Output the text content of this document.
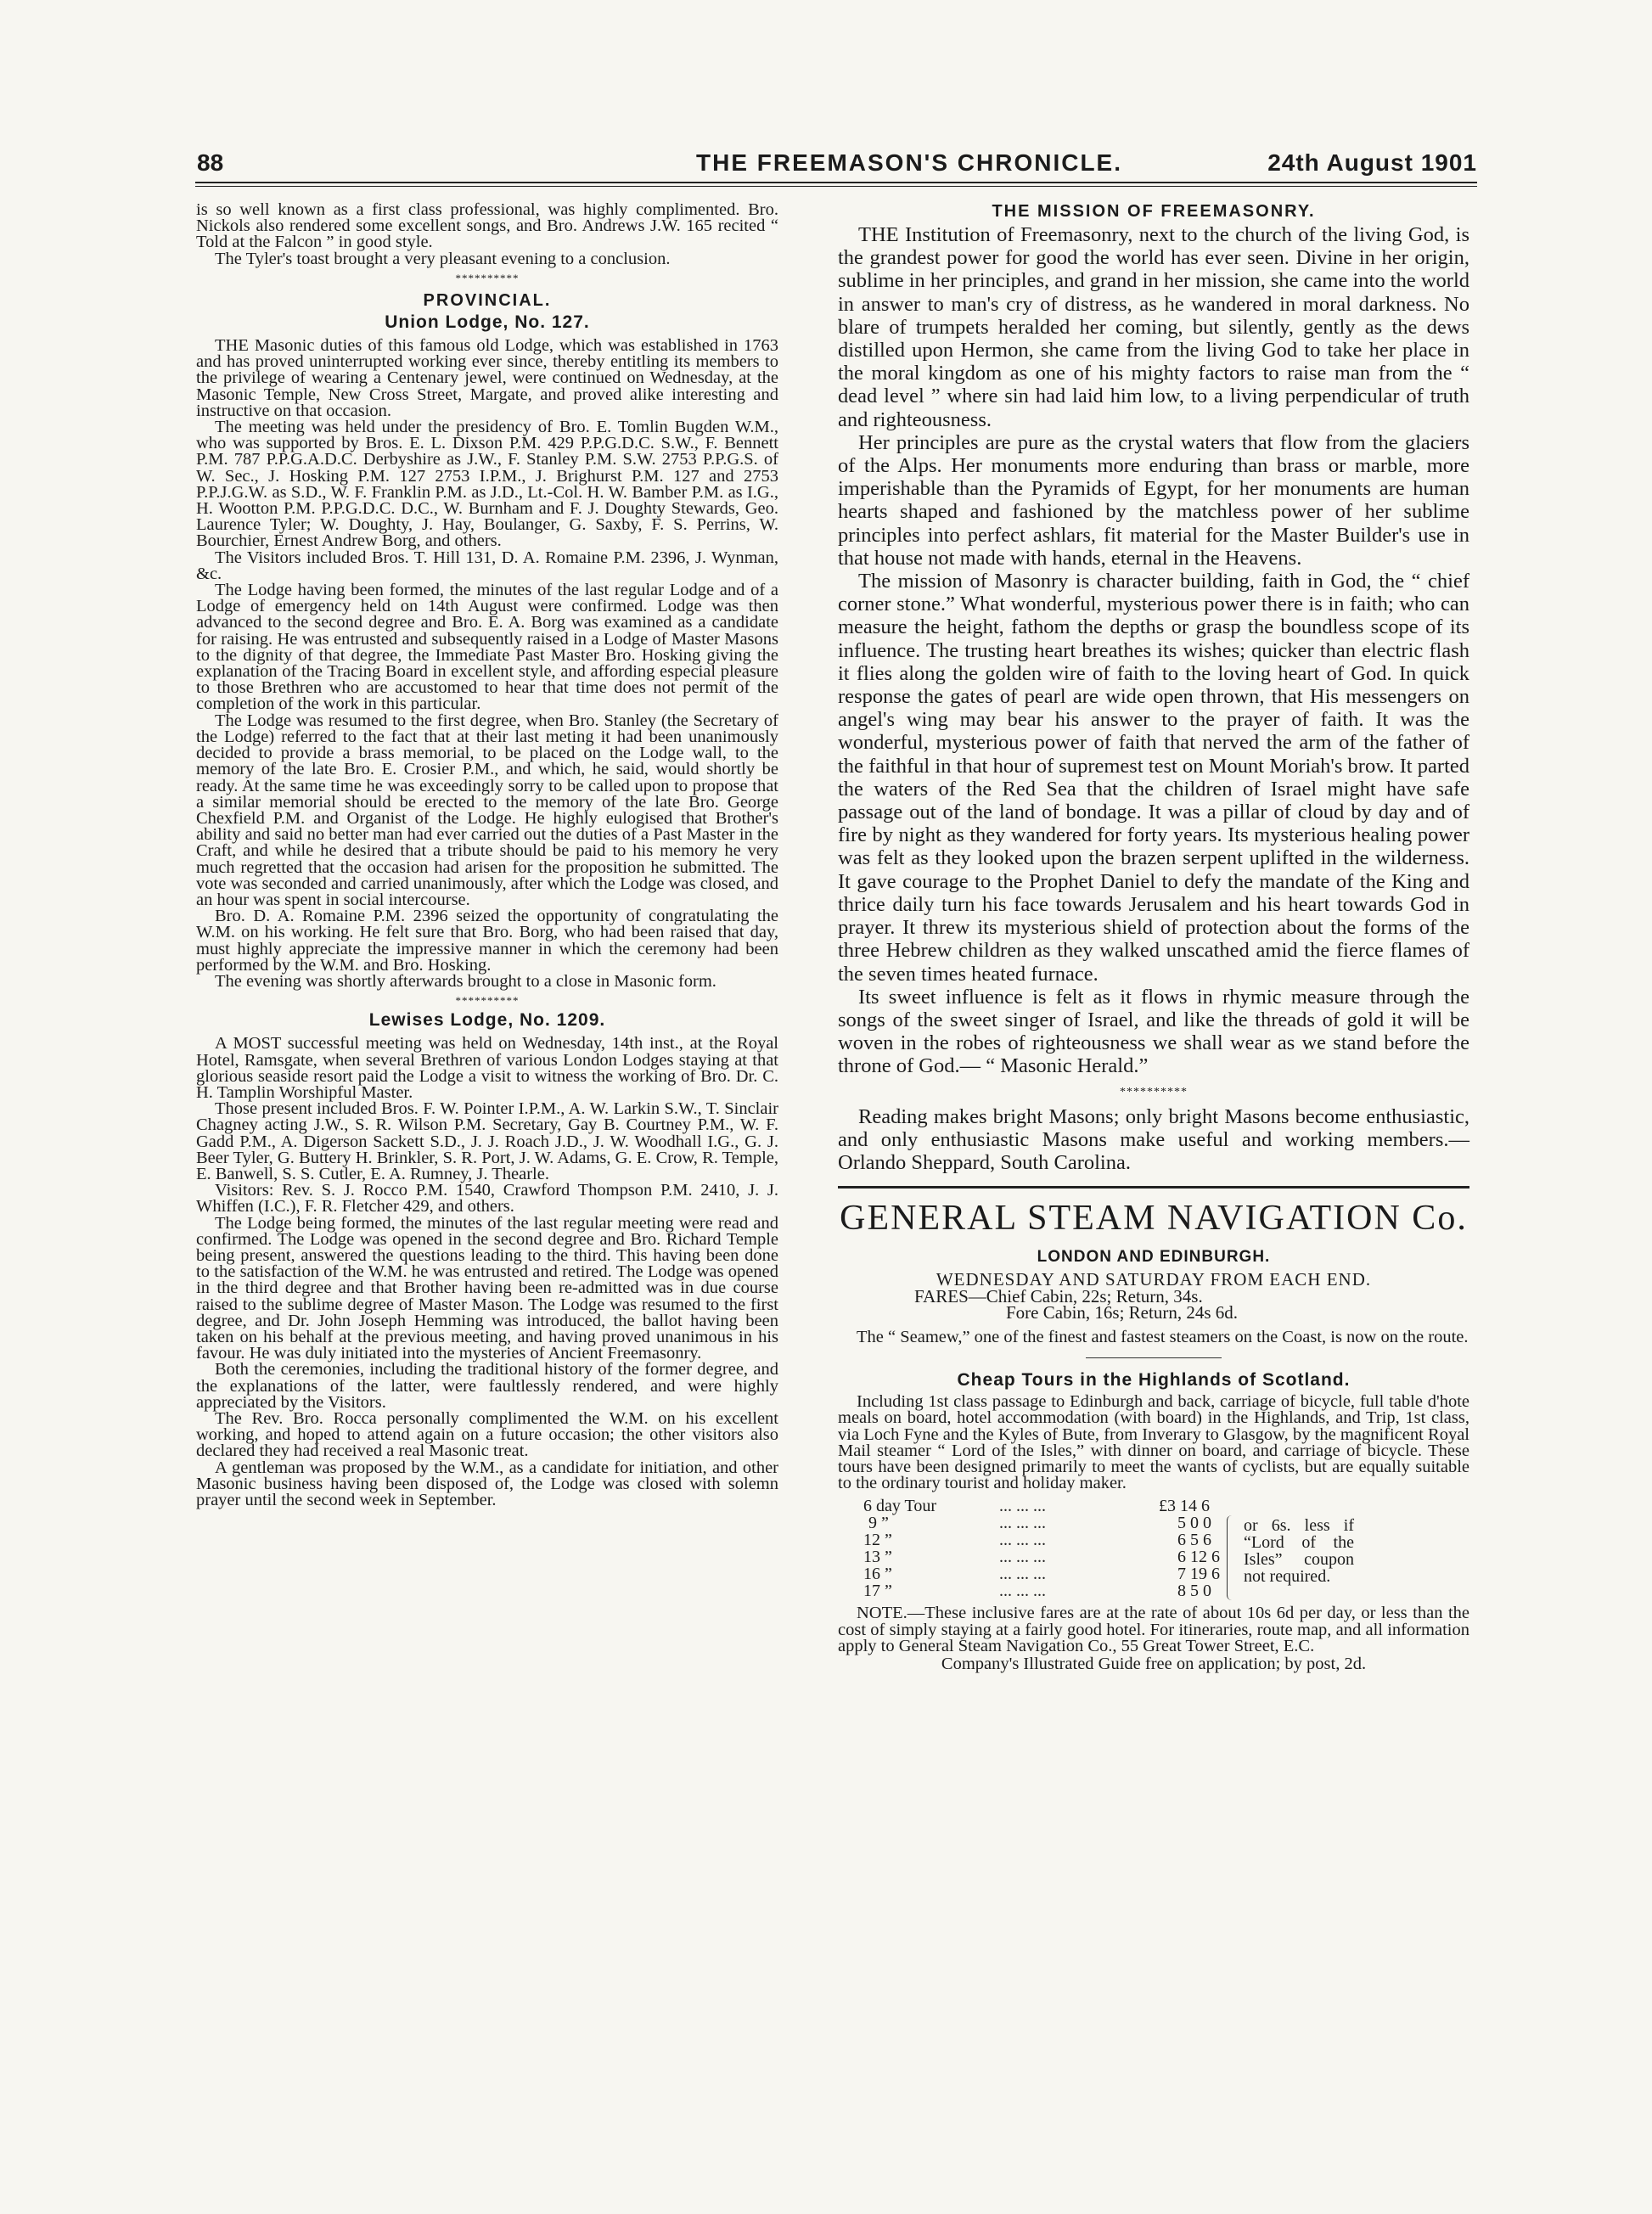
88	THE FREEMASON'S CHRONICLE.	24th August 1901

is so well known as a first class professional, was highly complimented. Bro. Nickols also rendered some excellent songs, and Bro. Andrews J.W. 165 recited “ Told at the Falcon ” in good style.

The Tyler's toast brought a very pleasant evening to a conclusion.

**********
PROVINCIAL.
Union Lodge, No. 127.

THE Masonic duties of this famous old Lodge, which was established in 1763 and has proved uninterrupted working ever since, thereby entitling its members to the privilege of wearing a Centenary jewel, were continued on Wednesday, at the Masonic Temple, New Cross Street, Margate, and proved alike interesting and instructive on that occasion.

The meeting was held under the presidency of Bro. E. Tomlin Bugden W.M., who was supported by Bros. E. L. Dixson P.M. 429 P.P.G.D.C. S.W., F. Bennett P.M. 787 P.P.G.A.D.C. Derbyshire as J.W., F. Stanley P.M. S.W. 2753 P.P.G.S. of W. Sec., J. Hosking P.M. 127 2753 I.P.M., J. Brighurst P.M. 127 and 2753 P.P.J.G.W. as S.D., W. F. Franklin P.M. as J.D., Lt.-Col. H. W. Bamber P.M. as I.G., H. Wootton P.M. P.P.G.D.C. D.C., W. Burnham and F. J. Doughty Stewards, Geo. Laurence Tyler; W. Doughty, J. Hay, Boulanger, G. Saxby, F. S. Perrins, W. Bourchier, Ernest Andrew Borg, and others.

The Visitors included Bros. T. Hill 131, D. A. Romaine P.M. 2396, J. Wynman, &c.

The Lodge having been formed, the minutes of the last regular Lodge and of a Lodge of emergency held on 14th August were confirmed. Lodge was then advanced to the second degree and Bro. E. A. Borg was examined as a candidate for raising. He was entrusted and subsequently raised in a Lodge of Master Masons to the dignity of that degree, the Immediate Past Master Bro. Hosking giving the explanation of the Tracing Board in excellent style, and affording especial pleasure to those Brethren who are accustomed to hear that time does not permit of the completion of the work in this particular.

The Lodge was resumed to the first degree, when Bro. Stanley (the Secretary of the Lodge) referred to the fact that at their last meting it had been unanimously decided to provide a brass memorial, to be placed on the Lodge wall, to the memory of the late Bro. E. Crosier P.M., and which, he said, would shortly be ready. At the same time he was exceedingly sorry to be called upon to propose that a similar memorial should be erected to the memory of the late Bro. George Chexfield P.M. and Organist of the Lodge. He highly eulogised that Brother's ability and said no better man had ever carried out the duties of a Past Master in the Craft, and while he desired that a tribute should be paid to his memory he very much regretted that the occasion had arisen for the proposition he submitted. The vote was seconded and carried unanimously, after which the Lodge was closed, and an hour was spent in social intercourse.

Bro. D. A. Romaine P.M. 2396 seized the opportunity of congratulating the W.M. on his working. He felt sure that Bro. Borg, who had been raised that day, must highly appreciate the impressive manner in which the ceremony had been performed by the W.M. and Bro. Hosking.

The evening was shortly afterwards brought to a close in Masonic form.

**********
Lewises Lodge, No. 1209.

A MOST successful meeting was held on Wednesday, 14th inst., at the Royal Hotel, Ramsgate, when several Brethren of various London Lodges staying at that glorious seaside resort paid the Lodge a visit to witness the working of Bro. Dr. C. H. Tamplin Worshipful Master.

Those present included Bros. F. W. Pointer I.P.M., A. W. Larkin S.W., T. Sinclair Chagney acting J.W., S. R. Wilson P.M. Secretary, Gay B. Courtney P.M., W. F. Gadd P.M., A. Digerson Sackett S.D., J. J. Roach J.D., J. W. Woodhall I.G., G. J. Beer Tyler, G. Buttery H. Brinkler, S. R. Port, J. W. Adams, G. E. Crow, R. Temple, E. Banwell, S. S. Cutler, E. A. Rumney, J. Thearle.

Visitors: Rev. S. J. Rocco P.M. 1540, Crawford Thompson P.M. 2410, J. J. Whiffen (I.C.), F. R. Fletcher 429, and others.

The Lodge being formed, the minutes of the last regular meeting were read and confirmed. The Lodge was opened in the second degree and Bro. Richard Temple being present, answered the questions leading to the third. This having been done to the satisfaction of the W.M. he was entrusted and retired. The Lodge was opened in the third degree and that Brother having been re-admitted was in due course raised to the sublime degree of Master Mason. The Lodge was resumed to the first degree, and Dr. John Joseph Hemming was introduced, the ballot having been taken on his behalf at the previous meeting, and having proved unanimous in his favour. He was duly initiated into the mysteries of Ancient Freemasonry.

Both the ceremonies, including the traditional history of the former degree, and the explanations of the latter, were faultlessly rendered, and were highly appreciated by the Visitors.

The Rev. Bro. Rocca personally complimented the W.M. on his excellent working, and hoped to attend again on a future occasion; the other visitors also declared they had received a real Masonic treat.

A gentleman was proposed by the W.M., as a candidate for initiation, and other Masonic business having been disposed of, the Lodge was closed with solemn prayer until the second week in September.

THE MISSION OF FREEMASONRY.

THE Institution of Freemasonry, next to the church of the living God, is the grandest power for good the world has ever seen. Divine in her origin, sublime in her principles, and grand in her mission, she came into the world in answer to man's cry of distress, as he wandered in moral darkness. No blare of trumpets heralded her coming, but silently, gently as the dews distilled upon Hermon, she came from the living God to take her place in the moral kingdom as one of his mighty factors to raise man from the “ dead level ” where sin had laid him low, to a living perpendicular of truth and righteousness.

Her principles are pure as the crystal waters that flow from the glaciers of the Alps. Her monuments more enduring than brass or marble, more imperishable than the Pyramids of Egypt, for her monuments are human hearts shaped and fashioned by the matchless power of her sublime principles into perfect ashlars, fit material for the Master Builder's use in that house not made with hands, eternal in the Heavens.

The mission of Masonry is character building, faith in God, the “ chief corner stone.” What wonderful, mysterious power there is in faith; who can measure the height, fathom the depths or grasp the boundless scope of its influence. The trusting heart breathes its wishes; quicker than electric flash it flies along the golden wire of faith to the loving heart of God. In quick response the gates of pearl are wide open thrown, that His messengers on angel's wing may bear his answer to the prayer of faith. It was the wonderful, mysterious power of faith that nerved the arm of the father of the faithful in that hour of supremest test on Mount Moriah's brow. It parted the waters of the Red Sea that the children of Israel might have safe passage out of the land of bondage. It was a pillar of cloud by day and of fire by night as they wandered for forty years. Its mysterious healing power was felt as they looked upon the brazen serpent uplifted in the wilderness. It gave courage to the Prophet Daniel to defy the mandate of the King and thrice daily turn his face towards Jerusalem and his heart towards God in prayer. It threw its mysterious shield of protection about the forms of the three Hebrew children as they walked unscathed amid the fierce flames of the seven times heated furnace.

Its sweet influence is felt as it flows in rhymic measure through the songs of the sweet singer of Israel, and like the threads of gold it will be woven in the robes of righteousness we shall wear as we stand before the throne of God.— “ Masonic Herald.”

**********

Reading makes bright Masons; only bright Masons become enthusiastic, and only enthusiastic Masons make useful and working members.—Orlando Sheppard, South Carolina.

GENERAL STEAM NAVIGATION Co.
LONDON AND EDINBURGH.
WEDNESDAY AND SATURDAY FROM EACH END.
FARES—Chief Cabin, 22s; Return, 34s.
Fore Cabin, 16s; Return, 24s 6d.

The “ Seamew,” one of the finest and fastest steamers on the Coast, is now on the route.

Cheap Tours in the Highlands of Scotland.

Including 1st class passage to Edinburgh and back, carriage of bicycle, full table d'hote meals on board, hotel accommodation (with board) in the Highlands, and Trip, 1st class, via Loch Fyne and the Kyles of Bute, from Inverary to Glasgow, by the magnificent Royal Mail steamer “ Lord of the Isles,” with dinner on board, and carriage of bicycle. These tours have been designed primarily to meet the wants of cyclists, but are equally suitable to the ordinary tourist and holiday maker.

6 day Tour	... ... ...	£3 14 6
9 ”	... ... ...	5 0 0
12 ”	... ... ...	6 5 6
13 ”	... ... ...	6 12 6
16 ”	... ... ...	7 19 6
17 ”	... ... ...	8 5 0
or 6s. less if “Lord of the Isles” coupon not required.

NOTE.—These inclusive fares are at the rate of about 10s 6d per day, or less than the cost of simply staying at a fairly good hotel. For itineraries, route map, and all information apply to General Steam Navigation Co., 55 Great Tower Street, E.C.

Company's Illustrated Guide free on application; by post, 2d.
